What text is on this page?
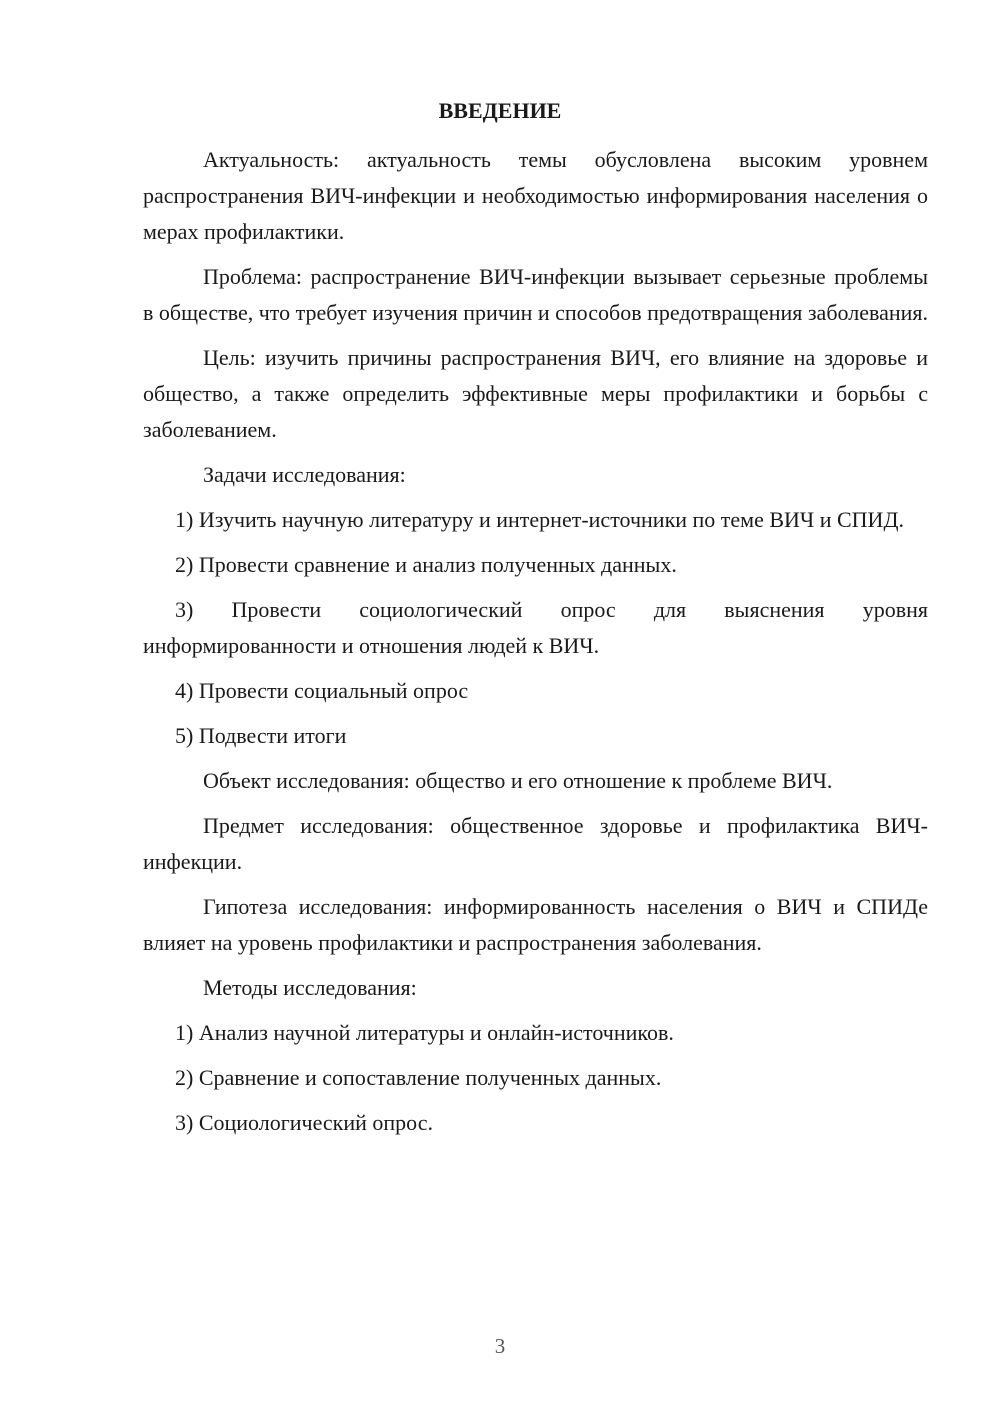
ВВЕДЕНИЕ

Актуальность: актуальность темы обусловлена высоким уровнем распространения ВИЧ-инфекции и необходимостью информирования населения о мерах профилактики.

Проблема: распространение ВИЧ-инфекции вызывает серьезные проблемы в обществе, что требует изучения причин и способов предотвращения заболевания.

Цель: изучить причины распространения ВИЧ, его влияние на здоровье и общество, а также определить эффективные меры профилактики и борьбы с заболеванием.

Задачи исследования:

1) Изучить научную литературу и интернет-источники по теме ВИЧ и СПИД.

2) Провести сравнение и анализ полученных данных.

3) Провести социологический опрос для выяснения уровня информированности и отношения людей к ВИЧ.

4) Провести социальный опрос

5) Подвести итоги

Объект исследования: общество и его отношение к проблеме ВИЧ.

Предмет исследования: общественное здоровье и профилактика ВИЧ-инфекции.

Гипотеза исследования: информированность населения о ВИЧ и СПИДе влияет на уровень профилактики и распространения заболевания.

Методы исследования:

1) Анализ научной литературы и онлайн-источников.

2) Сравнение и сопоставление полученных данных.

3) Социологический опрос.

3
